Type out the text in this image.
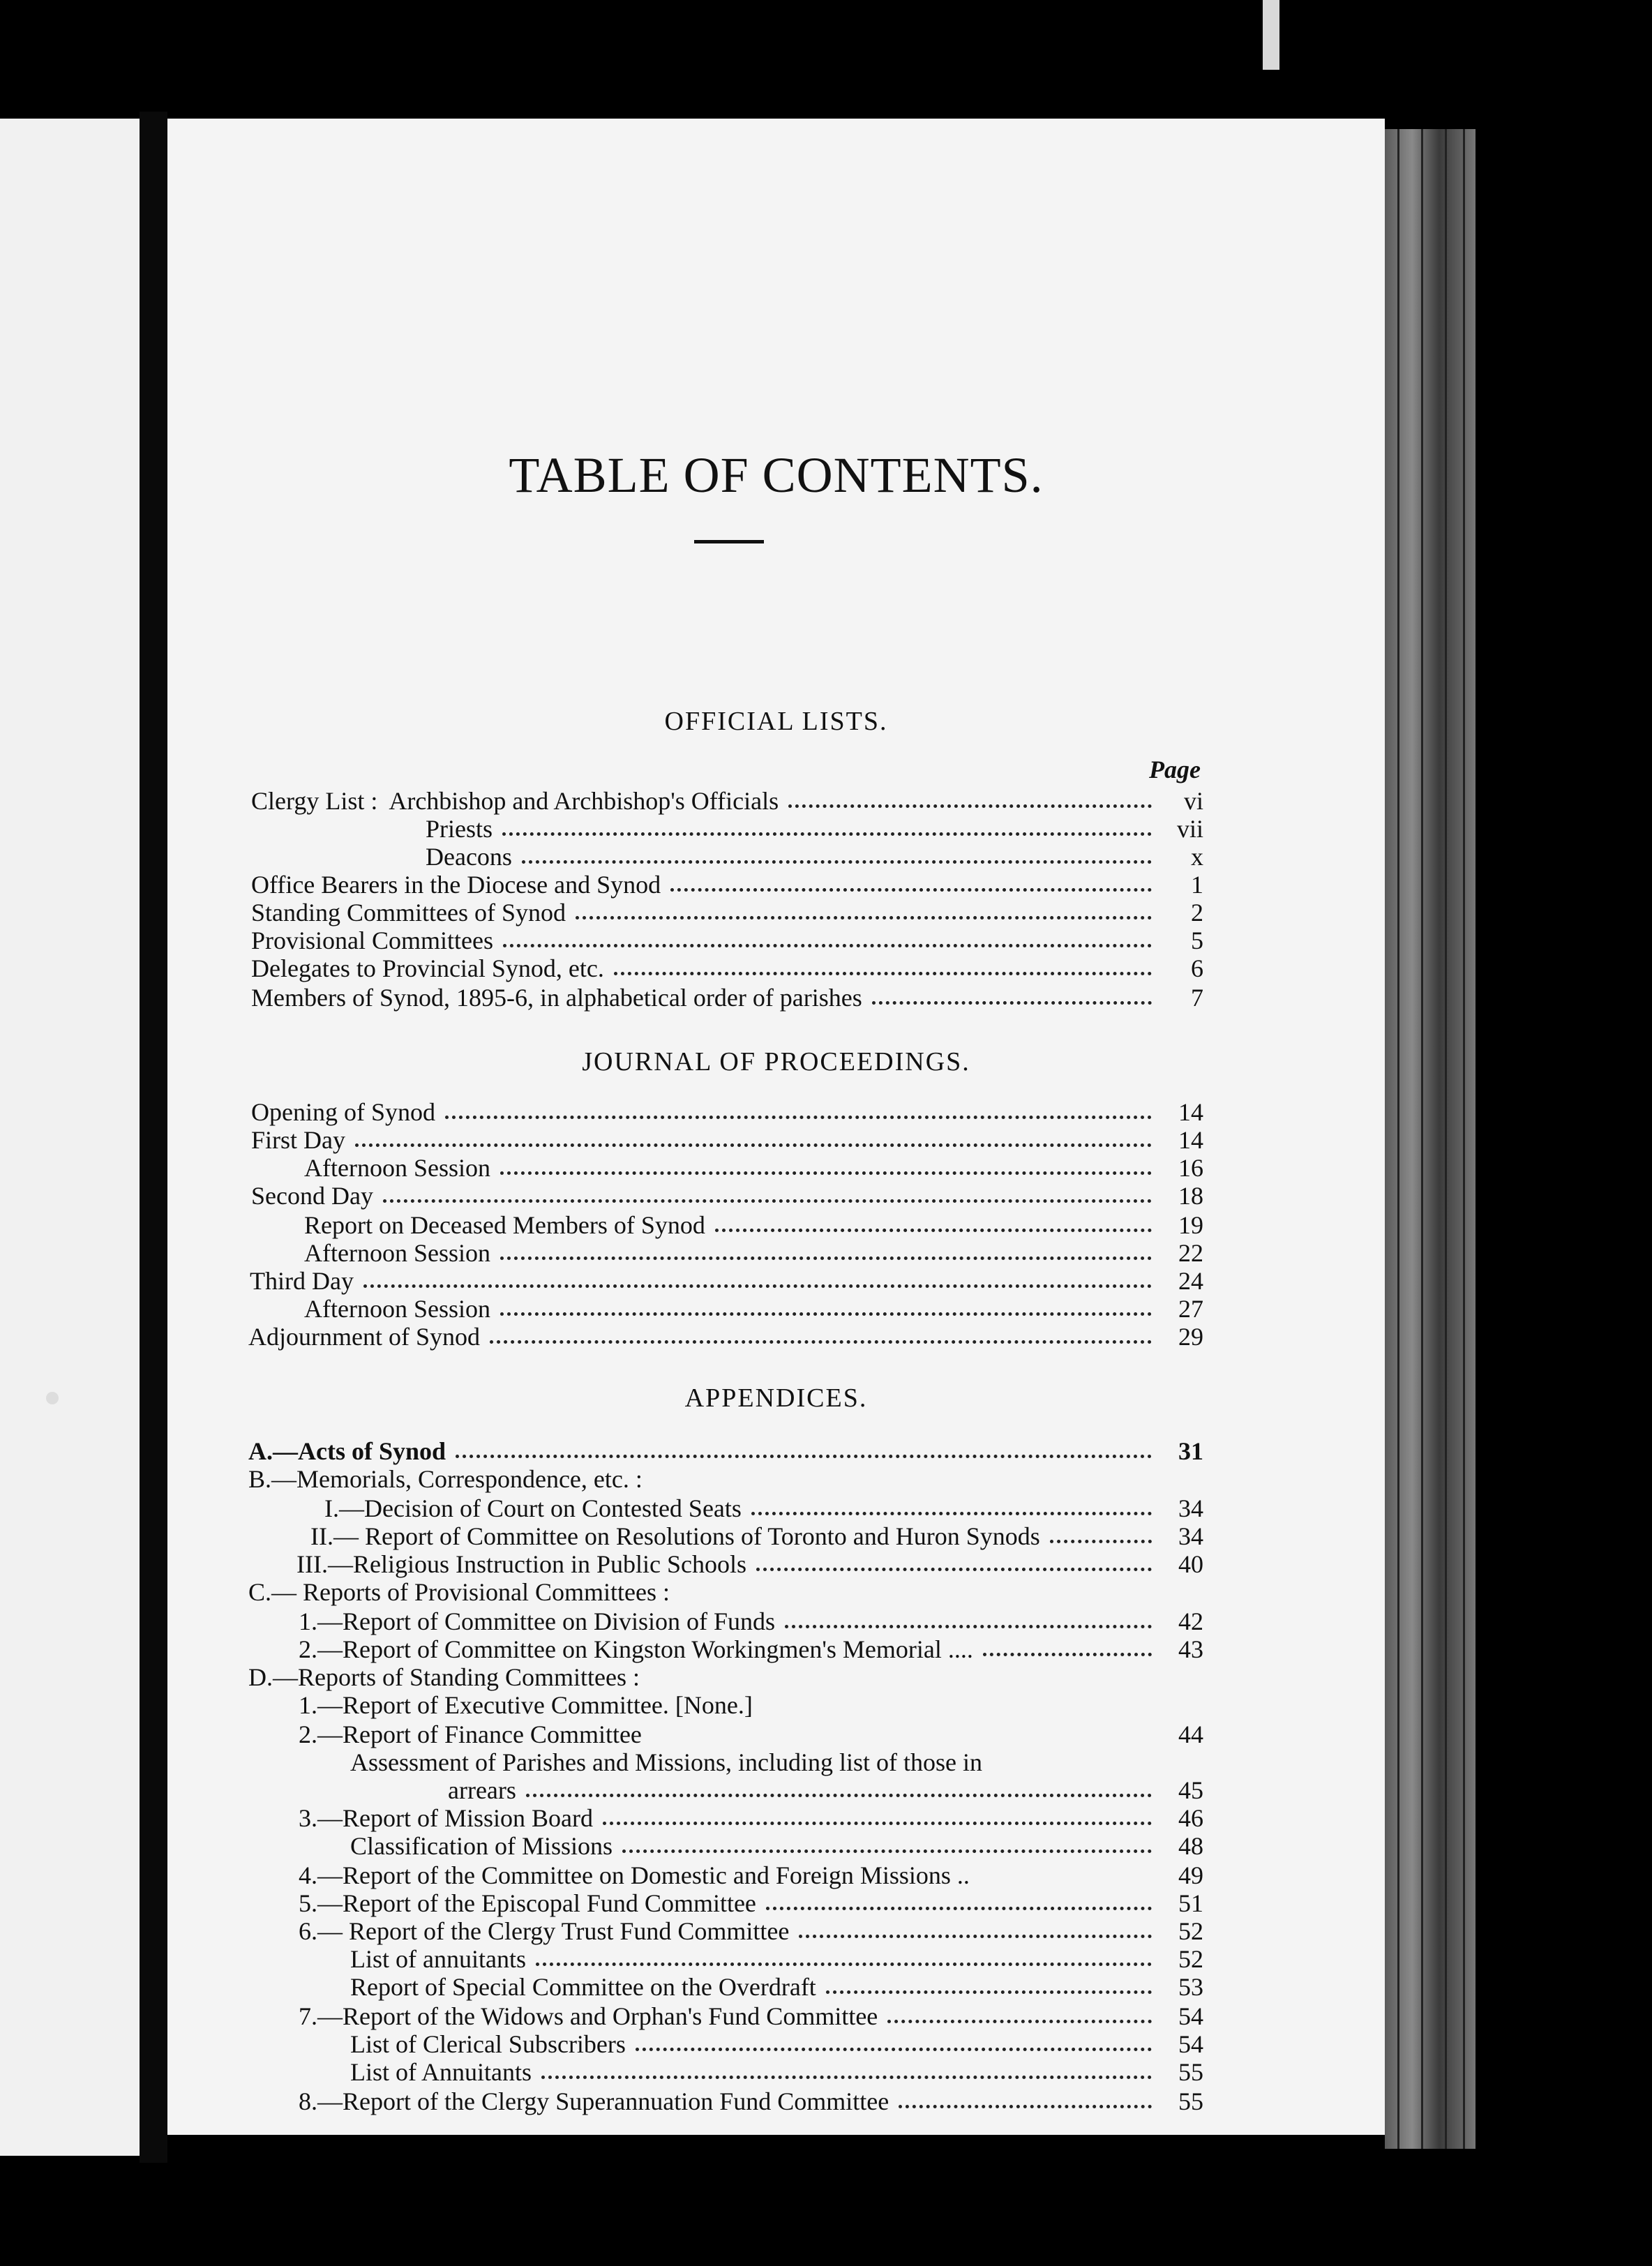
TABLE OF CONTENTS.
OFFICIAL LISTS.
Page
Clergy List : Archbishop and Archbishop's Officials	vi
Priests	vii
Deacons	x
Office Bearers in the Diocese and Synod	1
Standing Committees of Synod	2
Provisional Committees	5
Delegates to Provincial Synod, etc.	6
Members of Synod, 1895-6, in alphabetical order of parishes	7
JOURNAL OF PROCEEDINGS.
Opening of Synod	14
First Day	14
Afternoon Session	16
Second Day	18
Report on Deceased Members of Synod	19
Afternoon Session	22
Third Day	24
Afternoon Session	27
Adjournment of Synod	29
APPENDICES.
A.—Acts of Synod	31
B.—Memorials, Correspondence, etc. :
I.—Decision of Court on Contested Seats	34
II.— Report of Committee on Resolutions of Toronto and Huron Synods	34
III.—Religious Instruction in Public Schools	40
C.— Reports of Provisional Committees :
1.—Report of Committee on Division of Funds	42
2.—Report of Committee on Kingston Workingmen's Memorial ....	43
D.—Reports of Standing Committees :
1.—Report of Executive Committee. [None.]
2.—Report of Finance Committee	44
Assessment of Parishes and Missions, including list of those in
arrears	45
3.—Report of Mission Board	46
Classification of Missions	48
4.—Report of the Committee on Domestic and Foreign Missions ..	49
5.—Report of the Episcopal Fund Committee	51
6.— Report of the Clergy Trust Fund Committee	52
List of annuitants	52
Report of Special Committee on the Overdraft	53
7.—Report of the Widows and Orphan's Fund Committee	54
List of Clerical Subscribers	54
List of Annuitants	55
8.—Report of the Clergy Superannuation Fund Committee	55
